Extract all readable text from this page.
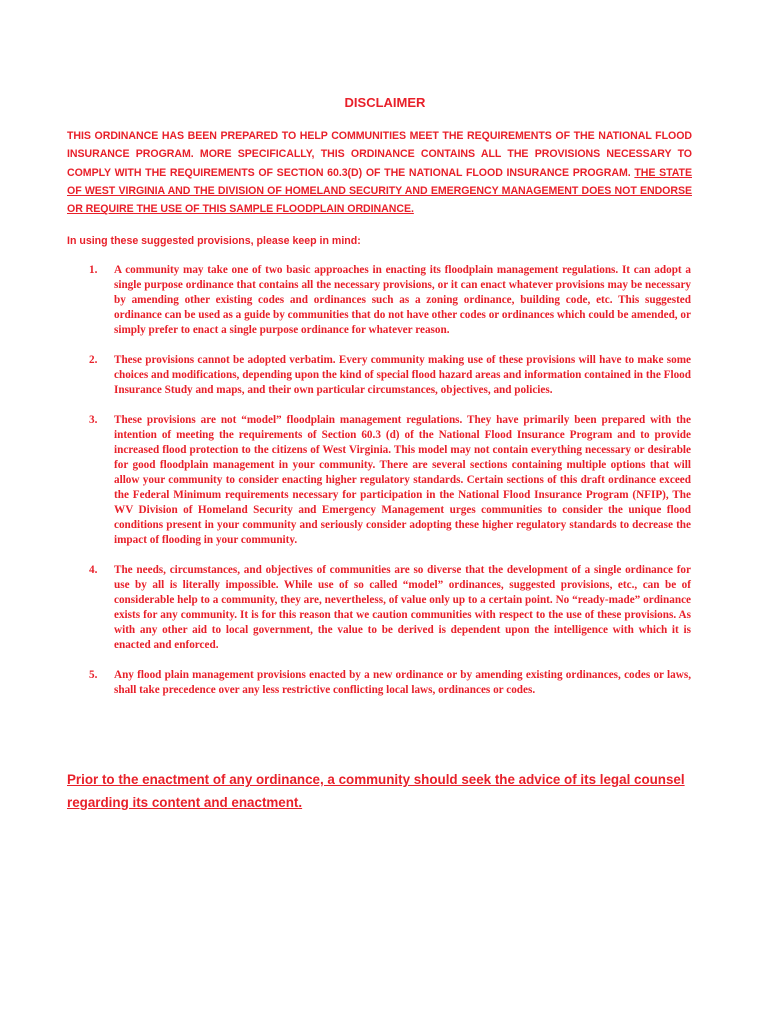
DISCLAIMER

THIS ORDINANCE HAS BEEN PREPARED TO HELP COMMUNITIES MEET THE REQUIREMENTS OF THE NATIONAL FLOOD INSURANCE PROGRAM. MORE SPECIFICALLY, THIS ORDINANCE CONTAINS ALL THE PROVISIONS NECESSARY TO COMPLY WITH THE REQUIREMENTS OF SECTION 60.3(D) OF THE NATIONAL FLOOD INSURANCE PROGRAM. THE STATE OF WEST VIRGINIA AND THE DIVISION OF HOMELAND SECURITY AND EMERGENCY MANAGEMENT DOES NOT ENDORSE OR REQUIRE THE USE OF THIS SAMPLE FLOODPLAIN ORDINANCE.

In using these suggested provisions, please keep in mind:

1. A community may take one of two basic approaches in enacting its floodplain management regulations. It can adopt a single purpose ordinance that contains all the necessary provisions, or it can enact whatever provisions may be necessary by amending other existing codes and ordinances such as a zoning ordinance, building code, etc. This suggested ordinance can be used as a guide by communities that do not have other codes or ordinances which could be amended, or simply prefer to enact a single purpose ordinance for whatever reason.
2. These provisions cannot be adopted verbatim. Every community making use of these provisions will have to make some choices and modifications, depending upon the kind of special flood hazard areas and information contained in the Flood Insurance Study and maps, and their own particular circumstances, objectives, and policies.
3. These provisions are not “model” floodplain management regulations. They have primarily been prepared with the intention of meeting the requirements of Section 60.3 (d) of the National Flood Insurance Program and to provide increased flood protection to the citizens of West Virginia. This model may not contain everything necessary or desirable for good floodplain management in your community. There are several sections containing multiple options that will allow your community to consider enacting higher regulatory standards. Certain sections of this draft ordinance exceed the Federal Minimum requirements necessary for participation in the National Flood Insurance Program (NFIP), The WV Division of Homeland Security and Emergency Management urges communities to consider the unique flood conditions present in your community and seriously consider adopting these higher regulatory standards to decrease the impact of flooding in your community.
4. The needs, circumstances, and objectives of communities are so diverse that the development of a single ordinance for use by all is literally impossible. While use of so called “model” ordinances, suggested provisions, etc., can be of considerable help to a community, they are, nevertheless, of value only up to a certain point. No “ready-made” ordinance exists for any community. It is for this reason that we caution communities with respect to the use of these provisions. As with any other aid to local government, the value to be derived is dependent upon the intelligence with which it is enacted and enforced.
5. Any flood plain management provisions enacted by a new ordinance or by amending existing ordinances, codes or laws, shall take precedence over any less restrictive conflicting local laws, ordinances or codes.

Prior to the enactment of any ordinance, a community should seek the advice of its legal counsel regarding its content and enactment.
